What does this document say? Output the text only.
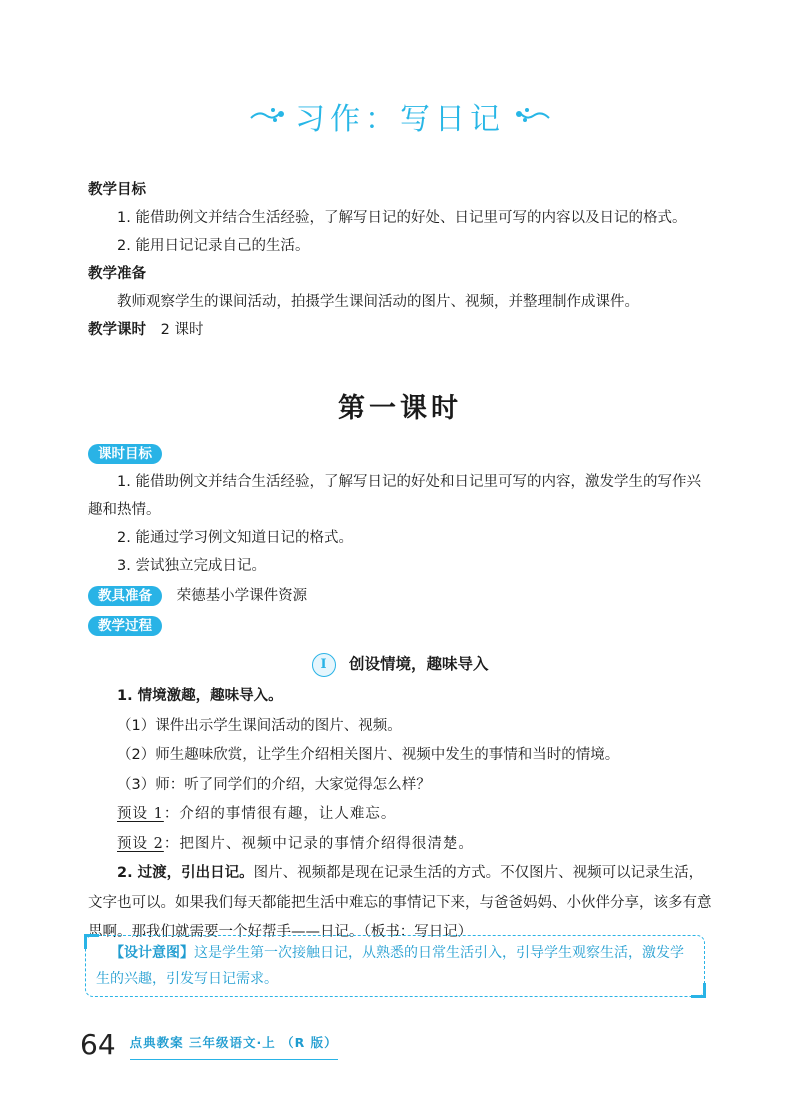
习作：写日记
教学目标

1. 能借助例文并结合生活经验，了解写日记的好处、日记里可写的内容以及日记的格式。

2. 能用日记记录自己的生活。

教学准备

教师观察学生的课间活动，拍摄学生课间活动的图片、视频，并整理制作成课件。

教学课时 2 课时
第一课时
课时目标

1. 能借助例文并结合生活经验，了解写日记的好处和日记里可写的内容，激发学生的写作兴趣和热情。

2. 能通过学习例文知道日记的格式。

3. 尝试独立完成日记。

教具准备 荣德基小学课件资源
教学过程
I 创设情境，趣味导入

1. 情境激趣，趣味导入。

（1）课件出示学生课间活动的图片、视频。

（2）师生趣味欣赏，让学生介绍相关图片、视频中发生的事情和当时的情境。

（3）师：听了同学们的介绍，大家觉得怎么样？

预设 1：介绍的事情很有趣，让人难忘。

预设 2：把图片、视频中记录的事情介绍得很清楚。

2. 过渡，引出日记。图片、视频都是现在记录生活的方式。不仅图片、视频可以记录生活，文字也可以。如果我们每天都能把生活中难忘的事情记下来，与爸爸妈妈、小伙伴分享，该多有意思啊。那我们就需要一个好帮手——日记。（板书：写日记）

【设计意图】这是学生第一次接触日记，从熟悉的日常生活引入，引导学生观察生活，激发学生的兴趣，引发写日记需求。
64 点典教案 三年级语文·上 （R 版）
